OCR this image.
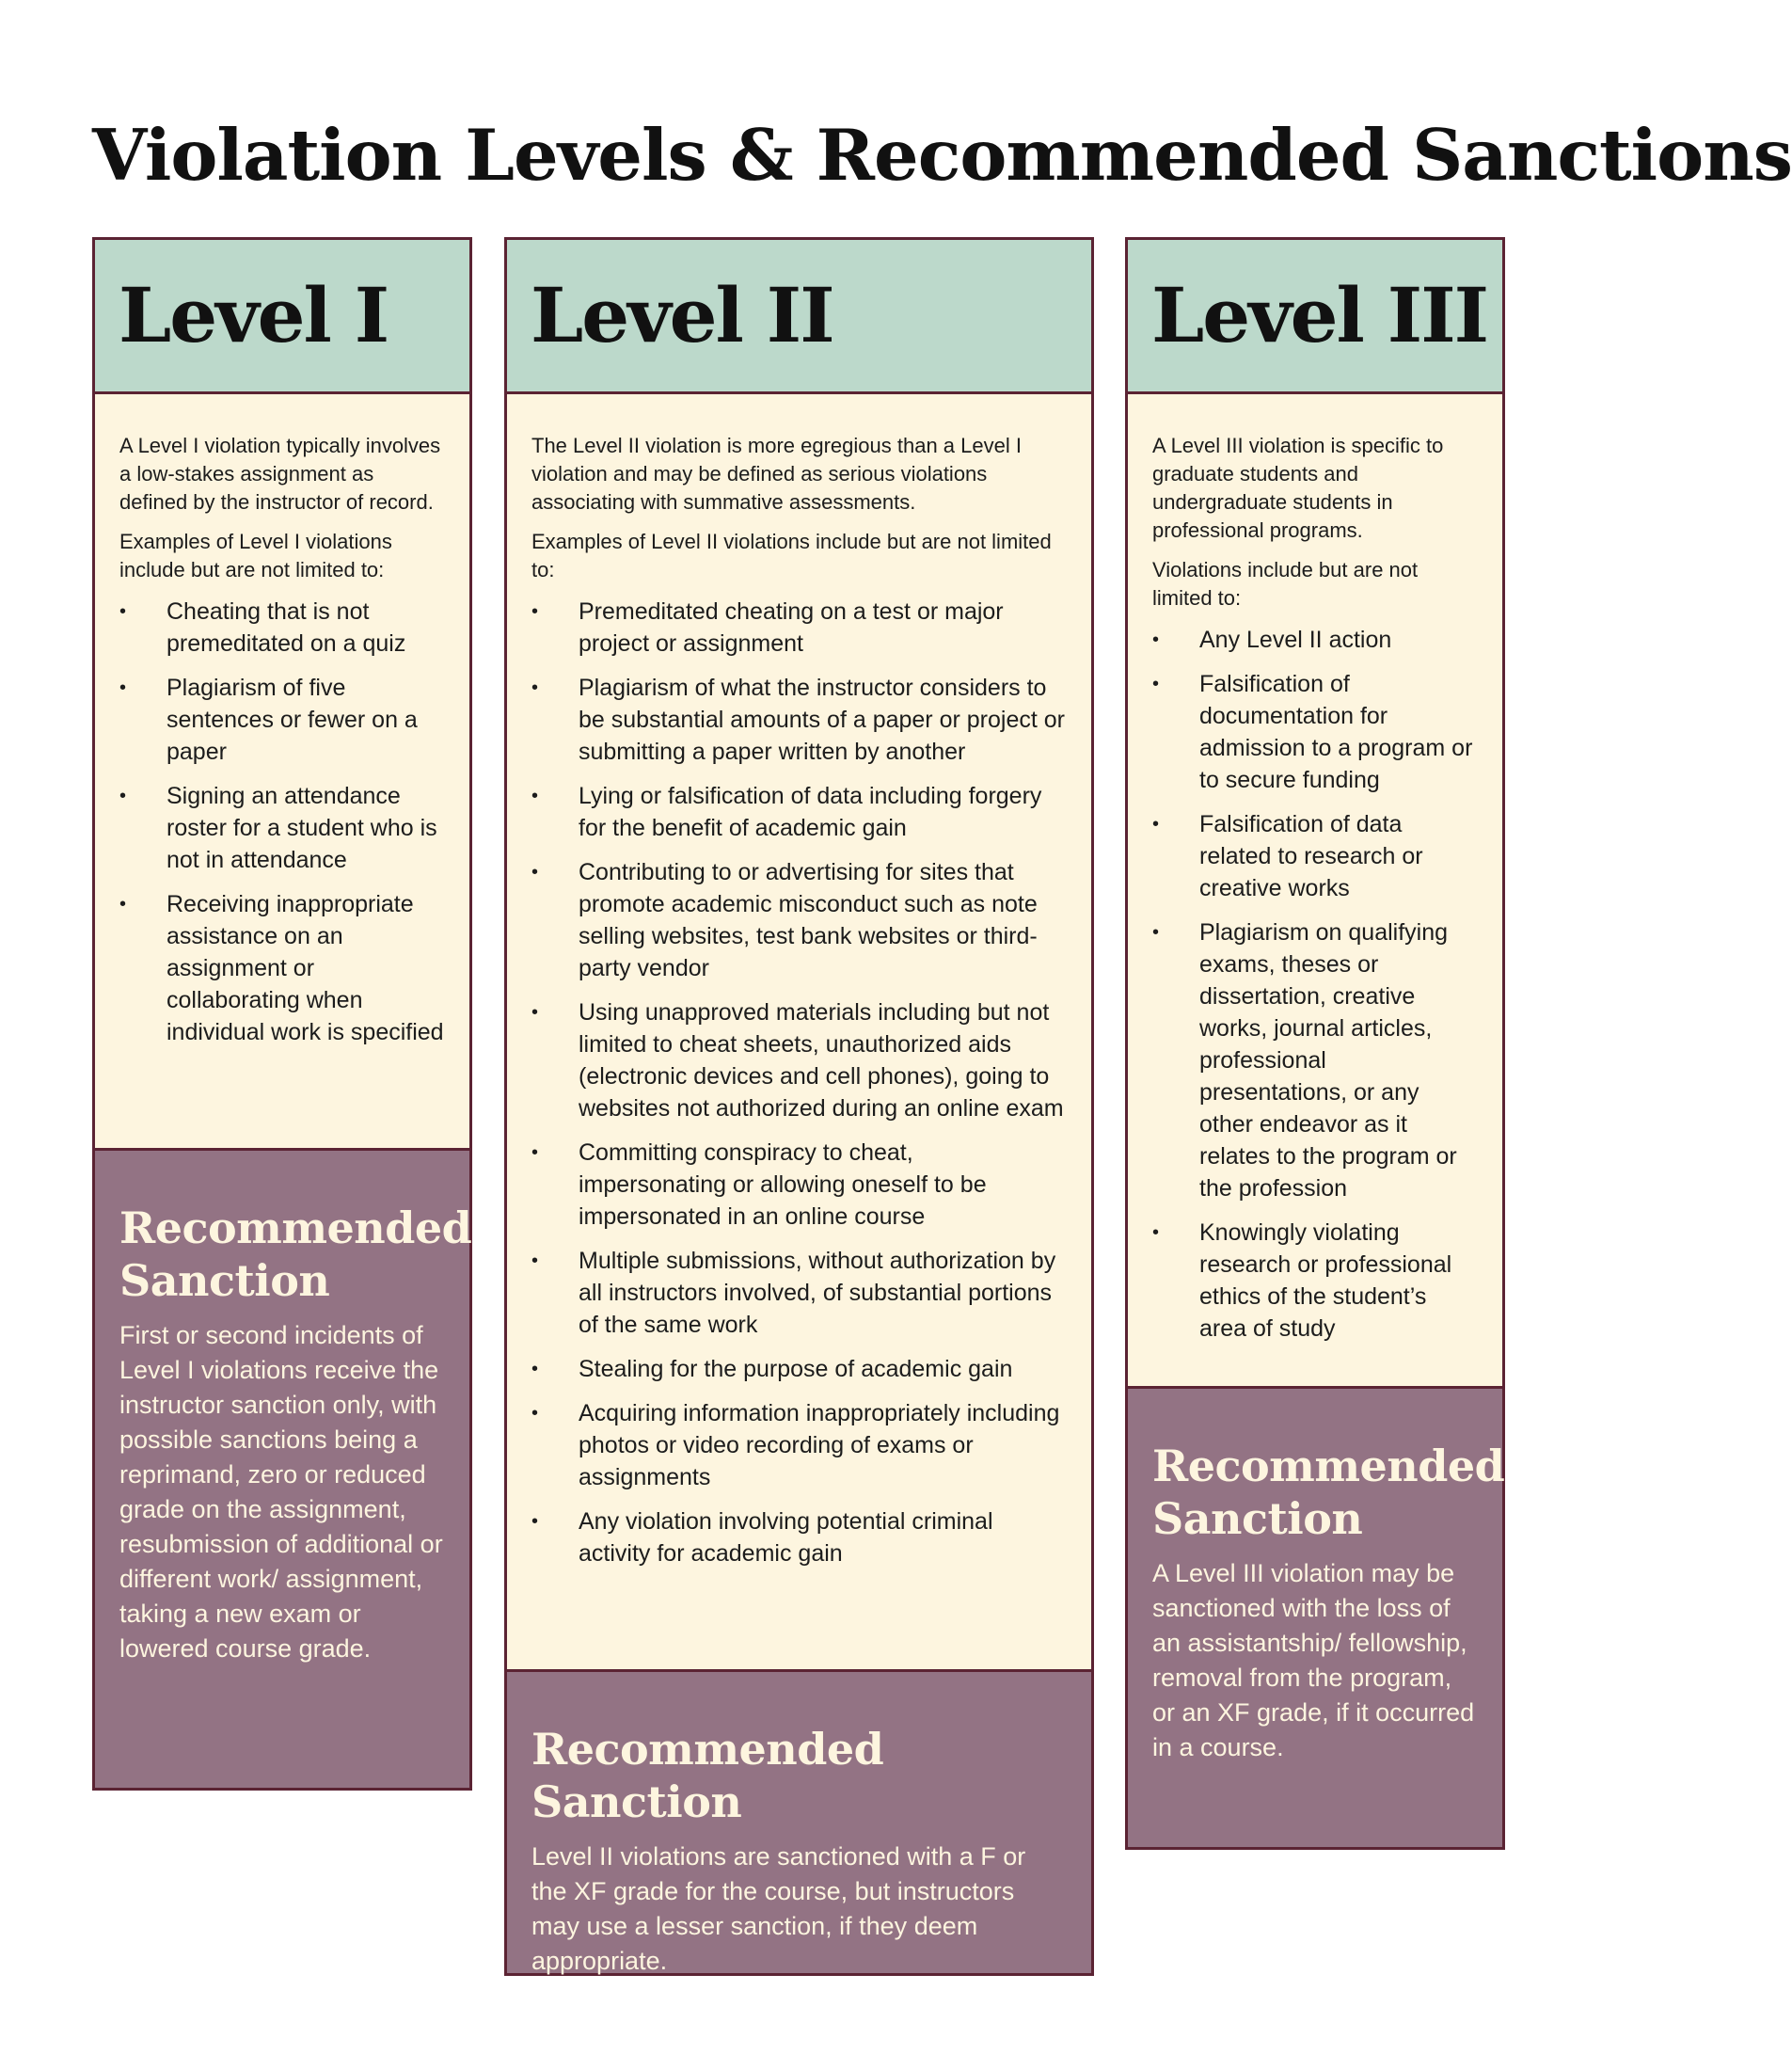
Violation Levels & Recommended Sanctions
Level I

A Level I violation typically involves a low-stakes assignment as defined by the instructor of record.

Examples of Level I violations include but are not limited to:

• Cheating that is not premeditated on a quiz
• Plagiarism of five sentences or fewer on a paper
• Signing an attendance roster for a student who is not in attendance
• Receiving inappropriate assistance on an assignment or collaborating when individual work is specified
Recommended Sanction

First or second incidents of Level I violations receive the instructor sanction only, with possible sanctions being a reprimand, zero or reduced grade on the assignment, resubmission of additional or different work/ assignment, taking a new exam or lowered course grade.

Level II

The Level II violation is more egregious than a Level I violation and may be defined as serious violations associating with summative assessments.

Examples of Level II violations include but are not limited to:

• Premeditated cheating on a test or major project or assignment
• Plagiarism of what the instructor considers to be substantial amounts of a paper or project or submitting a paper written by another
• Lying or falsification of data including forgery for the benefit of academic gain
• Contributing to or advertising for sites that promote academic misconduct such as note selling websites, test bank websites or third-party vendor
• Using unapproved materials including but not limited to cheat sheets, unauthorized aids (electronic devices and cell phones), going to websites not authorized during an online exam
• Committing conspiracy to cheat, impersonating or allowing oneself to be impersonated in an online course
• Multiple submissions, without authorization by all instructors involved, of substantial portions of the same work
• Stealing for the purpose of academic gain
• Acquiring information inappropriately including photos or video recording of exams or assignments
• Any violation involving potential criminal activity for academic gain
Recommended Sanction

Level II violations are sanctioned with a F or the XF grade for the course, but instructors may use a lesser sanction, if they deem appropriate.

Level III

A Level III violation is specific to graduate students and undergraduate students in professional programs.

Violations include but are not limited to:

• Any Level II action
• Falsification of documentation for admission to a program or to secure funding
• Falsification of data related to research or creative works
• Plagiarism on qualifying exams, theses or dissertation, creative works, journal articles, professional presentations, or any other endeavor as it relates to the program or the profession
• Knowingly violating research or professional ethics of the student’s area of study
Recommended Sanction

A Level III violation may be sanctioned with the loss of an assistantship/ fellowship, removal from the program, or an XF grade, if it occurred in a course.
